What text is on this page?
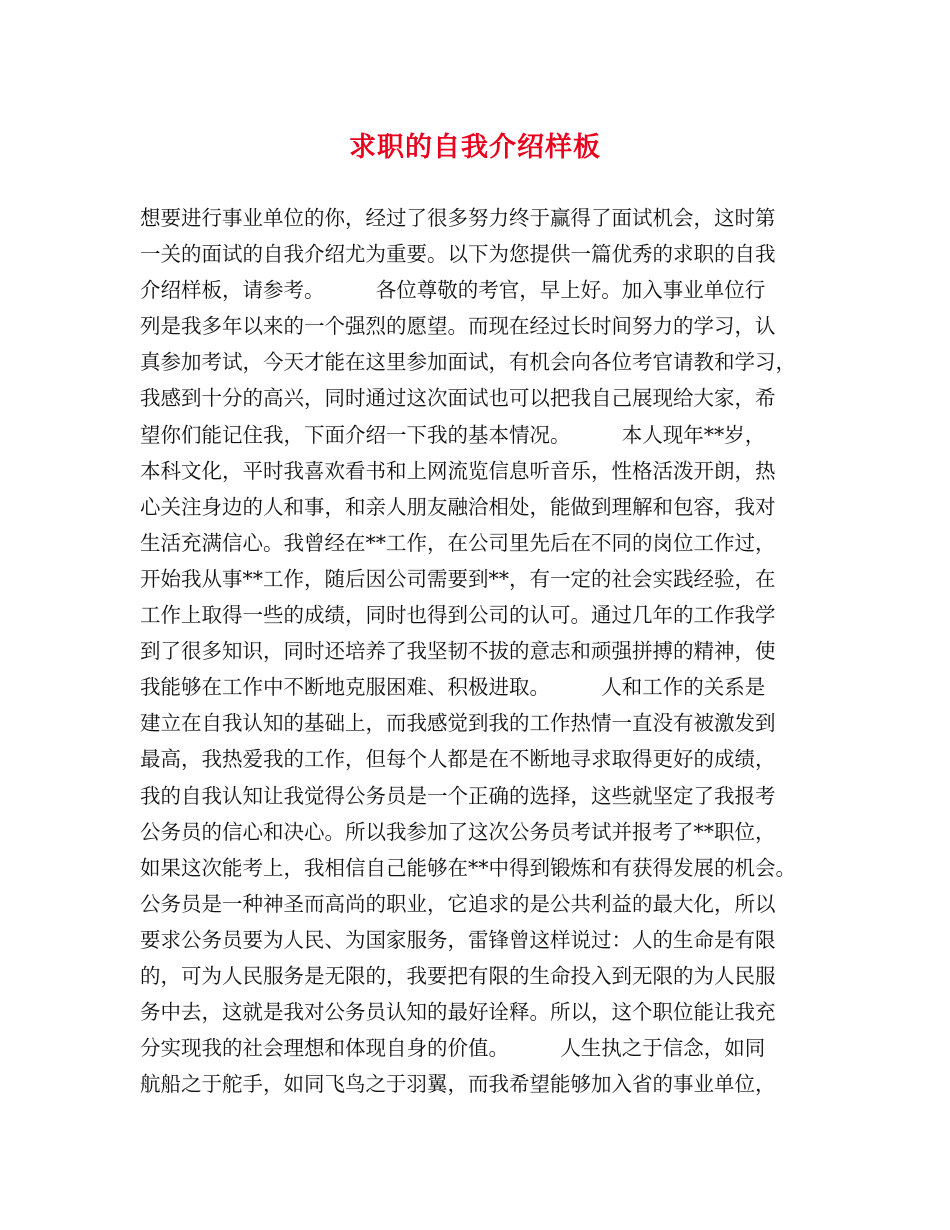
求职的自我介绍样板
想要进行事业单位的你，经过了很多努力终于赢得了面试机会，这时第
一关的面试的自我介绍尤为重要。以下为您提供一篇优秀的求职的自我
介绍样板，请参考。　　　各位尊敬的考官，早上好。加入事业单位行
列是我多年以来的一个强烈的愿望。而现在经过长时间努力的学习，认
真参加考试，今天才能在这里参加面试，有机会向各位考官请教和学习，
我感到十分的高兴，同时通过这次面试也可以把我自己展现给大家，希
望你们能记住我，下面介绍一下我的基本情况。　　　本人现年**岁，
本科文化，平时我喜欢看书和上网流览信息听音乐，性格活泼开朗，热
心关注身边的人和事，和亲人朋友融洽相处，能做到理解和包容，我对
生活充满信心。我曾经在**工作，在公司里先后在不同的岗位工作过，
开始我从事**工作，随后因公司需要到**，有一定的社会实践经验，在
工作上取得一些的成绩，同时也得到公司的认可。通过几年的工作我学
到了很多知识，同时还培养了我坚韧不拔的意志和顽强拼搏的精神，使
我能够在工作中不断地克服困难、积极进取。　　　人和工作的关系是
建立在自我认知的基础上，而我感觉到我的工作热情一直没有被激发到
最高，我热爱我的工作，但每个人都是在不断地寻求取得更好的成绩，
我的自我认知让我觉得公务员是一个正确的选择，这些就坚定了我报考
公务员的信心和决心。所以我参加了这次公务员考试并报考了**职位，
如果这次能考上，我相信自己能够在**中得到锻炼和有获得发展的机会。
公务员是一种神圣而高尚的职业，它追求的是公共利益的最大化，所以
要求公务员要为人民、为国家服务，雷锋曾这样说过：人的生命是有限
的，可为人民服务是无限的，我要把有限的生命投入到无限的为人民服
务中去，这就是我对公务员认知的最好诠释。所以，这个职位能让我充
分实现我的社会理想和体现自身的价值。　　　人生执之于信念，如同
航船之于舵手，如同飞鸟之于羽翼，而我希望能够加入省的事业单位，
